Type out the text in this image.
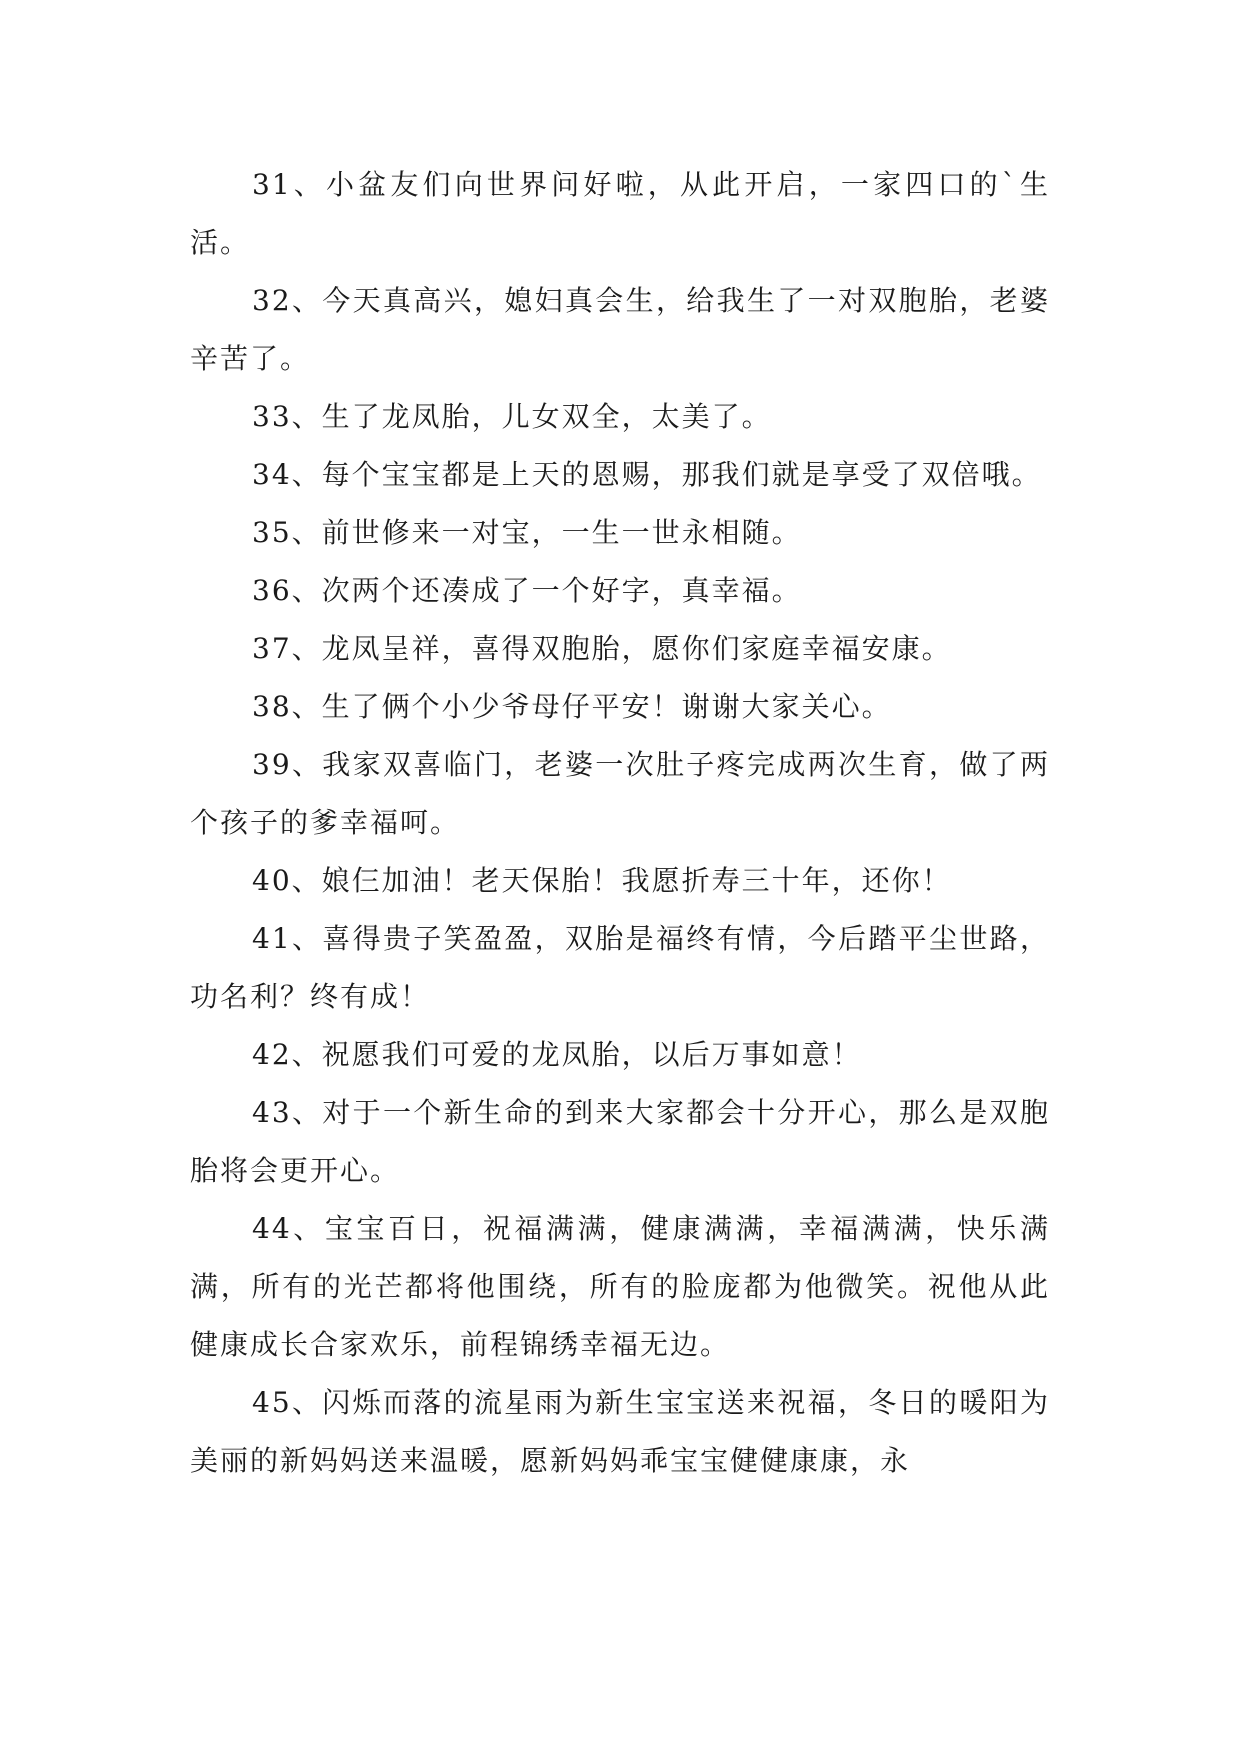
31、小盆友们向世界问好啦，从此开启，一家四口的`生活。

32、今天真高兴，媳妇真会生，给我生了一对双胞胎，老婆辛苦了。

33、生了龙凤胎，儿女双全，太美了。

34、每个宝宝都是上天的恩赐，那我们就是享受了双倍哦。

35、前世修来一对宝，一生一世永相随。

36、次两个还凑成了一个好字，真幸福。

37、龙凤呈祥，喜得双胞胎，愿你们家庭幸福安康。

38、生了俩个小少爷母仔平安！谢谢大家关心。

39、我家双喜临门，老婆一次肚子疼完成两次生育，做了两个孩子的爹幸福呵。

40、娘仨加油！老天保胎！我愿折寿三十年，还你！

41、喜得贵子笑盈盈，双胎是福终有情，今后踏平尘世路，功名利？终有成！

42、祝愿我们可爱的龙凤胎，以后万事如意！

43、对于一个新生命的到来大家都会十分开心，那么是双胞胎将会更开心。

44、宝宝百日，祝福满满，健康满满，幸福满满，快乐满满，所有的光芒都将他围绕，所有的脸庞都为他微笑。祝他从此健康成长合家欢乐，前程锦绣幸福无边。

45、闪烁而落的流星雨为新生宝宝送来祝福，冬日的暖阳为美丽的新妈妈送来温暖，愿新妈妈乖宝宝健健康康，永
